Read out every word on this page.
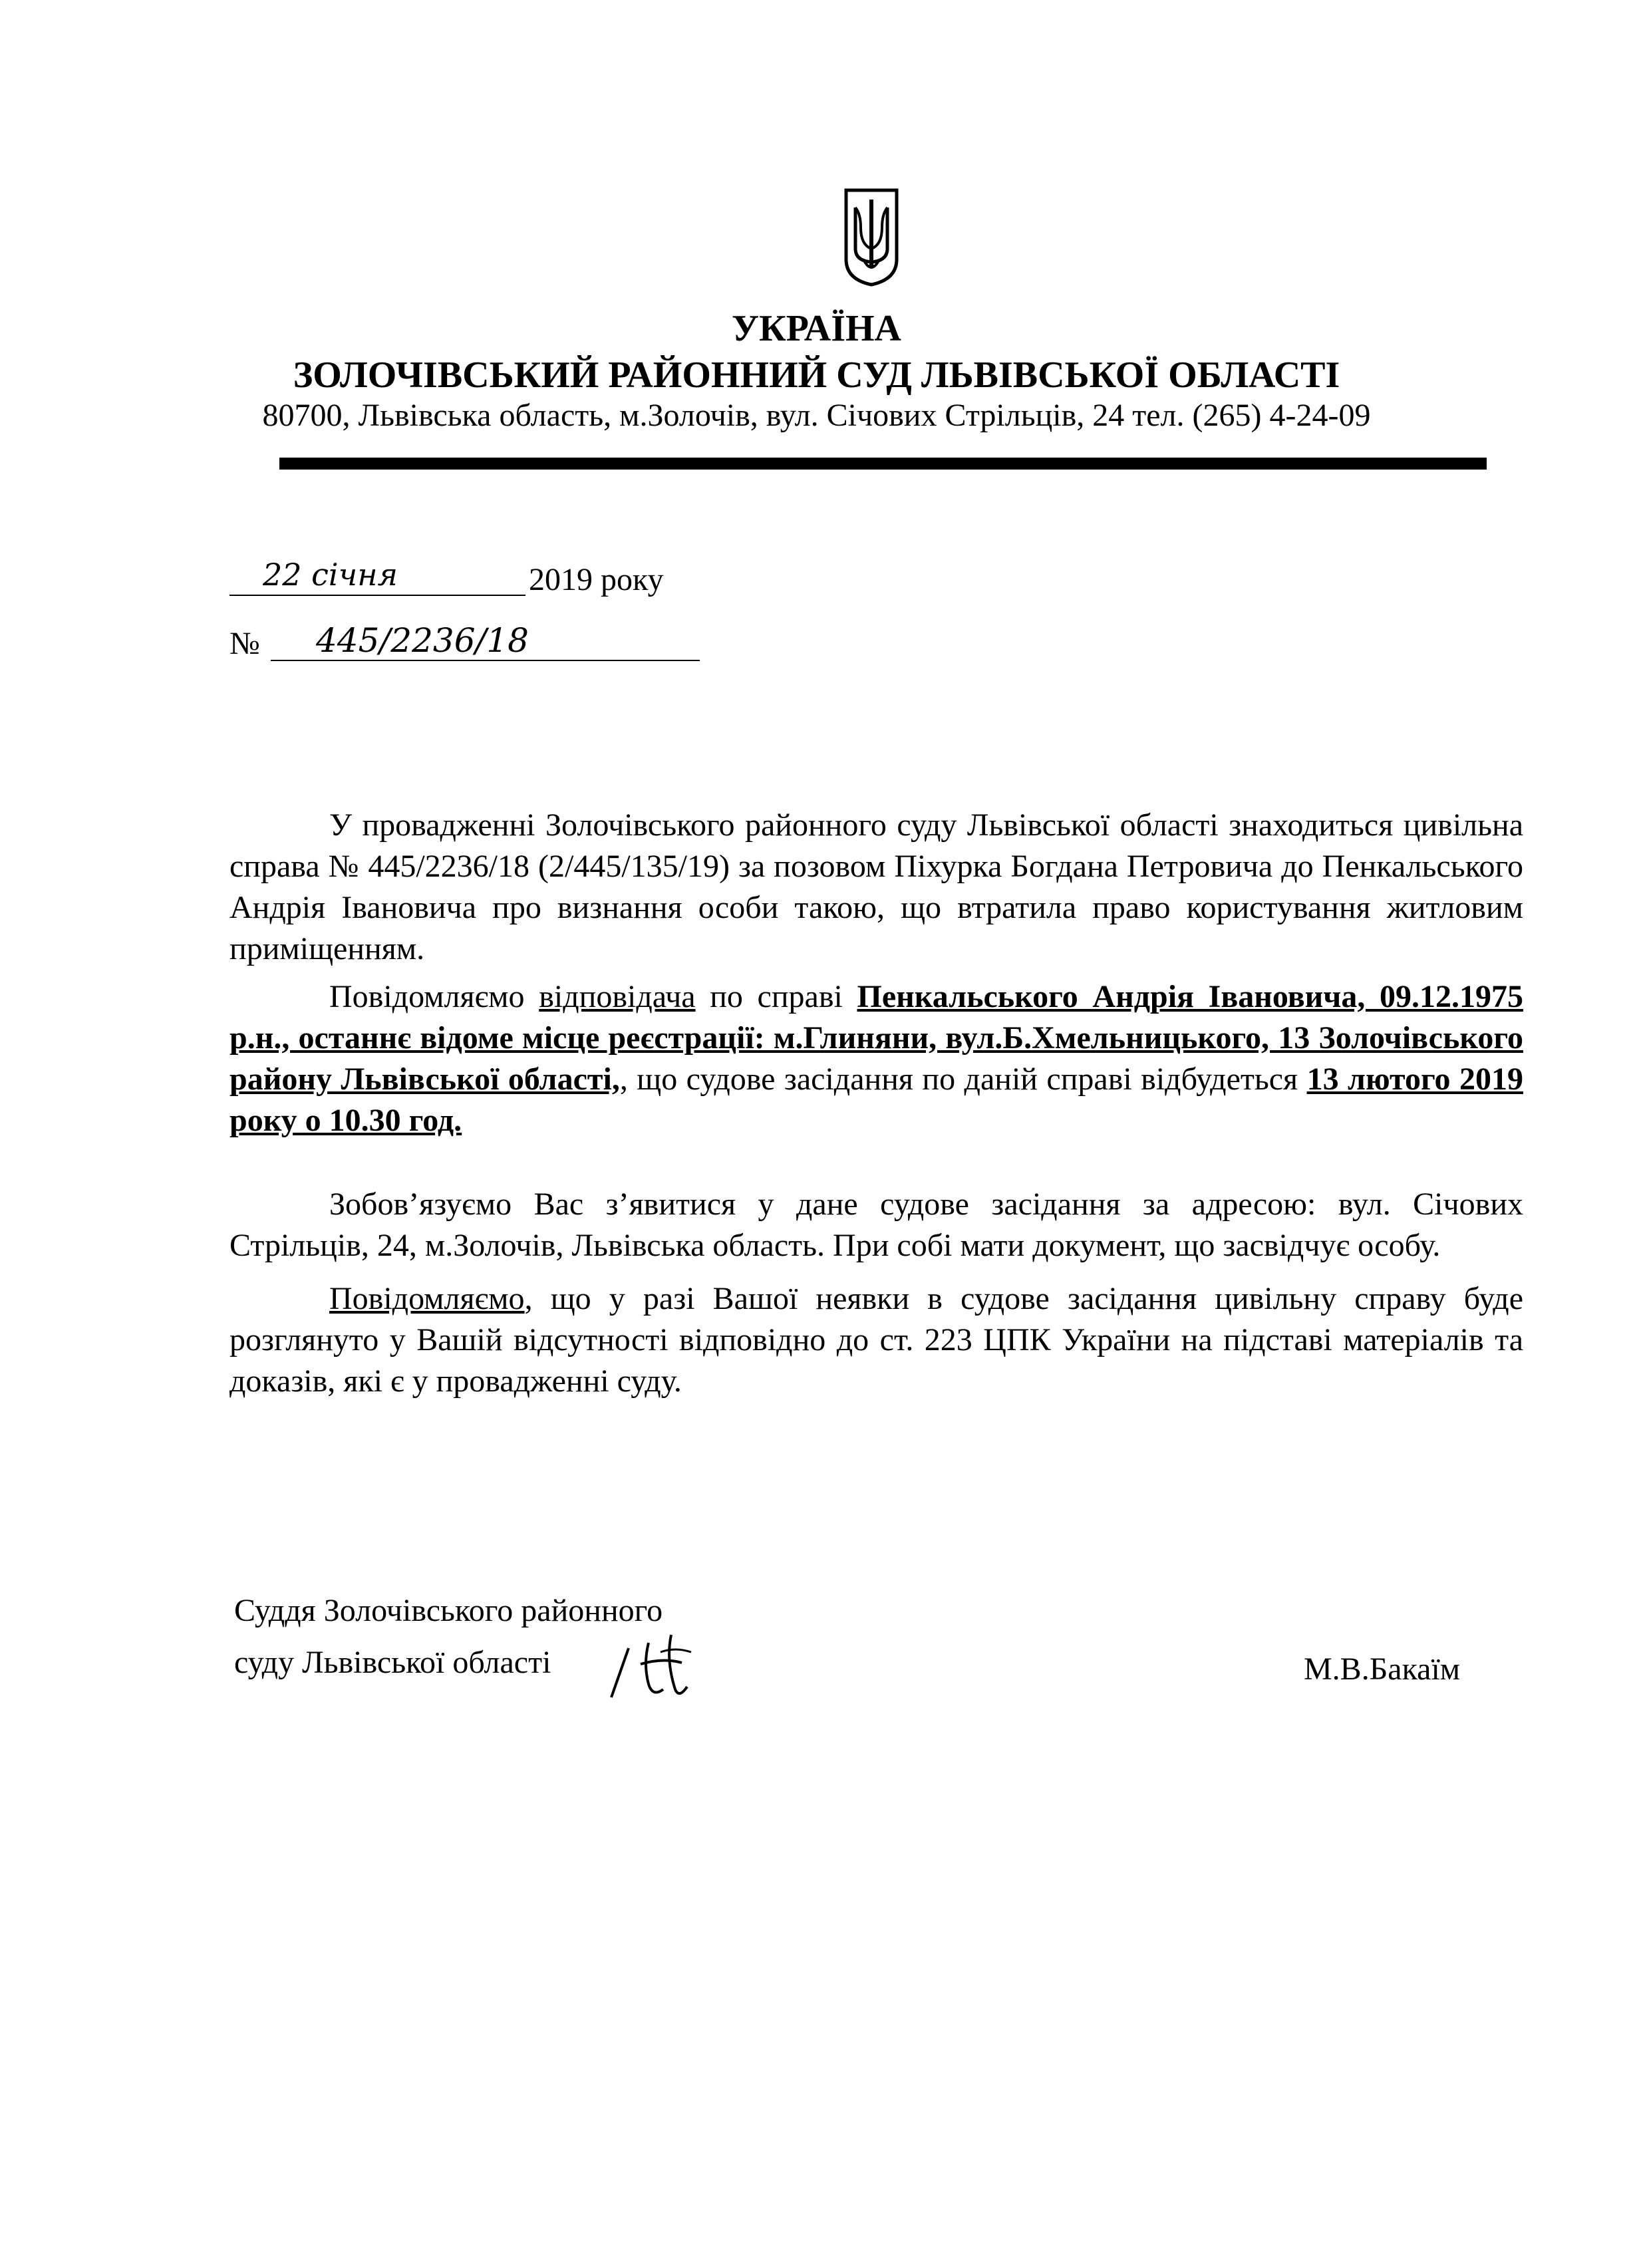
УКРАЇНА
ЗОЛОЧІВСЬКИЙ РАЙОННИЙ СУД ЛЬВІВСЬКОЇ ОБЛАСТІ
80700, Львівська область, м.Золочів, вул. Січових Стрільців, 24 тел. (265) 4-24-09
22 січня	2019 року
№ 445/2236/18
У провадженні Золочівського районного суду Львівської області знаходиться цивільна справа № 445/2236/18 (2/445/135/19) за позовом Піхурка Богдана Петровича до Пенкальського Андрія Івановича про визнання особи такою, що втратила право користування житловим приміщенням.
Повідомляємо відповідача по справі Пенкальського Андрія Івановича, 09.12.1975 р.н., останнє відоме місце реєстрації: м.Глиняни, вул.Б.Хмельницького, 13 Золочівського району Львівської області,, що судове засідання по даній справі відбудеться 13 лютого 2019 року о 10.30 год.
Зобов’язуємо Вас з’явитися у дане судове засідання за адресою: вул. Січових Стрільців, 24, м.Золочів, Львівська область. При собі мати документ, що засвідчує особу.
Повідомляємо, що у разі Вашої неявки в судове засідання цивільну справу буде розглянуто у Вашій відсутності відповідно до ст. 223 ЦПК України на підставі матеріалів та доказів, які є у провадженні суду.
Суддя Золочівського районного
суду Львівської області	М.В.Бакаїм
